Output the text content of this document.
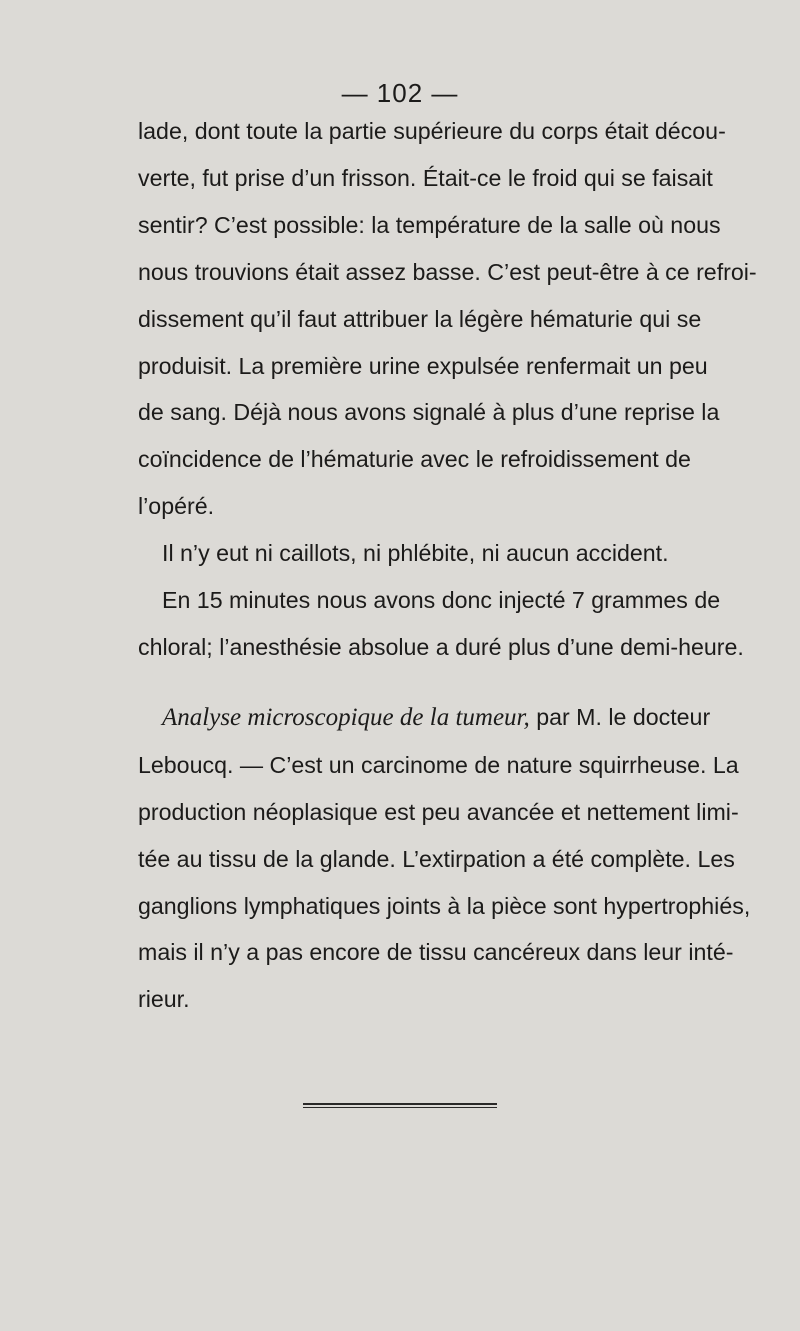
— 102 —
lade, dont toute la partie supérieure du corps était décou-
verte, fut prise d’un frisson. Était-ce le froid qui se faisait
sentir? C’est possible: la température de la salle où nous
nous trouvions était assez basse. C’est peut-être à ce refroi-
dissement qu’il faut attribuer la légère hématurie qui se
produisit. La première urine expulsée renfermait un peu
de sang. Déjà nous avons signalé à plus d’une reprise la
coïncidence de l’hématurie avec le refroidissement de
l’opéré.
Il n’y eut ni caillots, ni phlébite, ni aucun accident.
En 15 minutes nous avons donc injecté 7 grammes de
chloral; l’anesthésie absolue a duré plus d’une demi-heure.
Analyse microscopique de la tumeur, par M. le docteur
Leboucq. — C’est un carcinome de nature squirrheuse. La
production néoplasique est peu avancée et nettement limi-
tée au tissu de la glande. L’extirpation a été complète. Les
ganglions lymphatiques joints à la pièce sont hypertrophiés,
mais il n’y a pas encore de tissu cancéreux dans leur inté-
rieur.
